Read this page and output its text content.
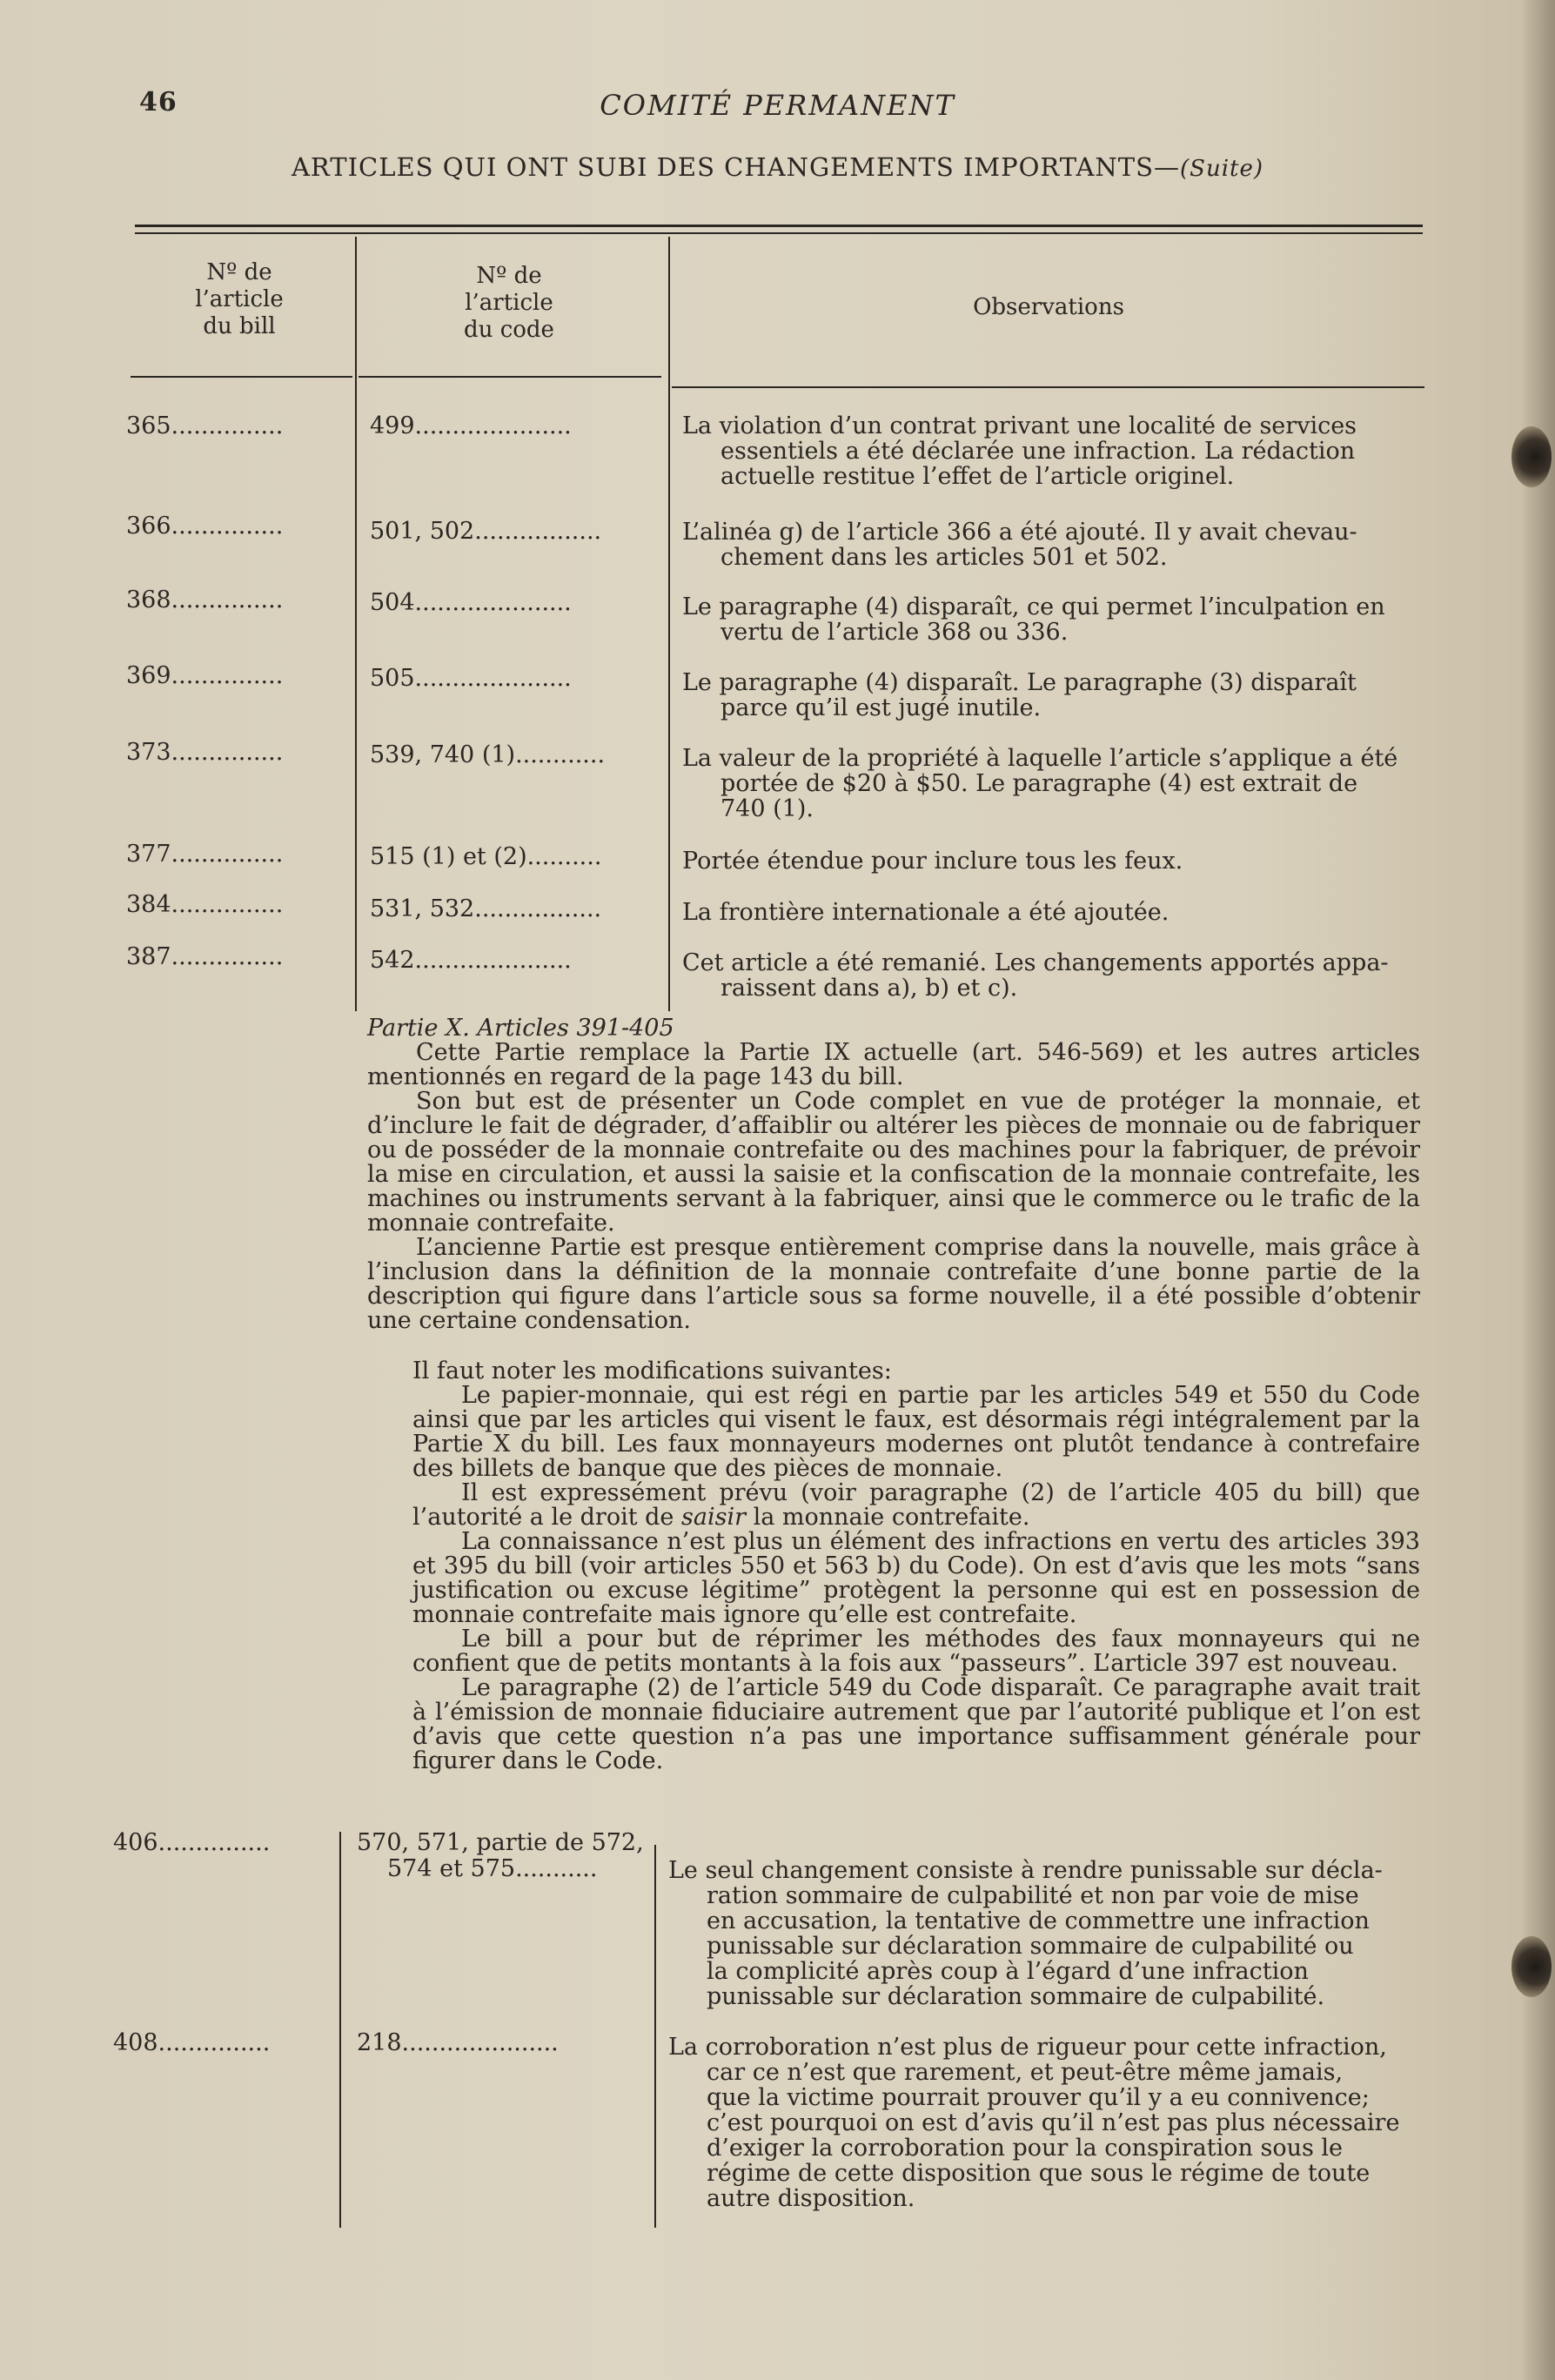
46	COMITÉ PERMANENT
ARTICLES QUI ONT SUBI DES CHANGEMENTS IMPORTANTS—(Suite)
Nº de
l’article
du bill
Nº de
l’article
du code
Observations
365...............	499.....................	La violation d’un contrat privant une localité de services
essentiels a été déclarée une infraction. La rédaction
actuelle restitue l’effet de l’article originel.
366...............	501, 502.................	L’alinéa g) de l’article 366 a été ajouté. Il y avait chevau-
chement dans les articles 501 et 502.
368...............	504.....................	Le paragraphe (4) disparaît, ce qui permet l’inculpation en
vertu de l’article 368 ou 336.
369...............	505.....................	Le paragraphe (4) disparaît. Le paragraphe (3) disparaît
parce qu’il est jugé inutile.
373...............	539, 740 (1)............	La valeur de la propriété à laquelle l’article s’applique a été
portée de $20 à $50. Le paragraphe (4) est extrait de
740 (1).
377...............	515 (1) et (2)..........	Portée étendue pour inclure tous les feux.
384...............	531, 532.................	La frontière internationale a été ajoutée.
387...............	542.....................	Cet article a été remanié. Les changements apportés appa-
raissent dans a), b) et c).

Partie X. Articles 391-405

Cette Partie remplace la Partie IX actuelle (art. 546-569) et les autres articles mentionnés en regard de la page 143 du bill.

Son but est de présenter un Code complet en vue de protéger la monnaie, et d’inclure le fait de dégrader, d’affaiblir ou altérer les pièces de monnaie ou de fabriquer ou de posséder de la monnaie contrefaite ou des machines pour la fabriquer, de prévoir la mise en circulation, et aussi la saisie et la confiscation de la monnaie contrefaite, les machines ou instruments servant à la fabriquer, ainsi que le commerce ou le trafic de la monnaie contrefaite.

L’ancienne Partie est presque entièrement comprise dans la nouvelle, mais grâce à l’inclusion dans la définition de la monnaie contrefaite d’une bonne partie de la description qui figure dans l’article sous sa forme nouvelle, il a été possible d’obtenir une certaine condensation.

Il faut noter les modifications suivantes:

Le papier-monnaie, qui est régi en partie par les articles 549 et 550 du Code ainsi que par les articles qui visent le faux, est désormais régi intégralement par la Partie X du bill. Les faux monnayeurs modernes ont plutôt tendance à contrefaire des billets de banque que des pièces de monnaie.

Il est expressément prévu (voir paragraphe (2) de l’article 405 du bill) que l’autorité a le droit de saisir la monnaie contrefaite.

La connaissance n’est plus un élément des infractions en vertu des articles 393 et 395 du bill (voir articles 550 et 563 b) du Code). On est d’avis que les mots “sans justification ou excuse légitime” protègent la personne qui est en possession de monnaie contrefaite mais ignore qu’elle est contrefaite.

Le bill a pour but de réprimer les méthodes des faux monnayeurs qui ne confient que de petits montants à la fois aux “passeurs”. L’article 397 est nouveau.

Le paragraphe (2) de l’article 549 du Code disparaît. Ce paragraphe avait trait à l’émission de monnaie fiduciaire autrement que par l’autorité publique et l’on est d’avis que cette question n’a pas une importance suffisamment générale pour figurer dans le Code.

406...............	570, 571, partie de 572,
574 et 575...........	Le seul changement consiste à rendre punissable sur décla-
ration sommaire de culpabilité et non par voie de mise
en accusation, la tentative de commettre une infraction
punissable sur déclaration sommaire de culpabilité ou
la complicité après coup à l’égard d’une infraction
punissable sur déclaration sommaire de culpabilité.
408...............	218.....................	La corroboration n’est plus de rigueur pour cette infraction,
car ce n’est que rarement, et peut-être même jamais,
que la victime pourrait prouver qu’il y a eu connivence;
c’est pourquoi on est d’avis qu’il n’est pas plus nécessaire
d’exiger la corroboration pour la conspiration sous le
régime de cette disposition que sous le régime de toute
autre disposition.
